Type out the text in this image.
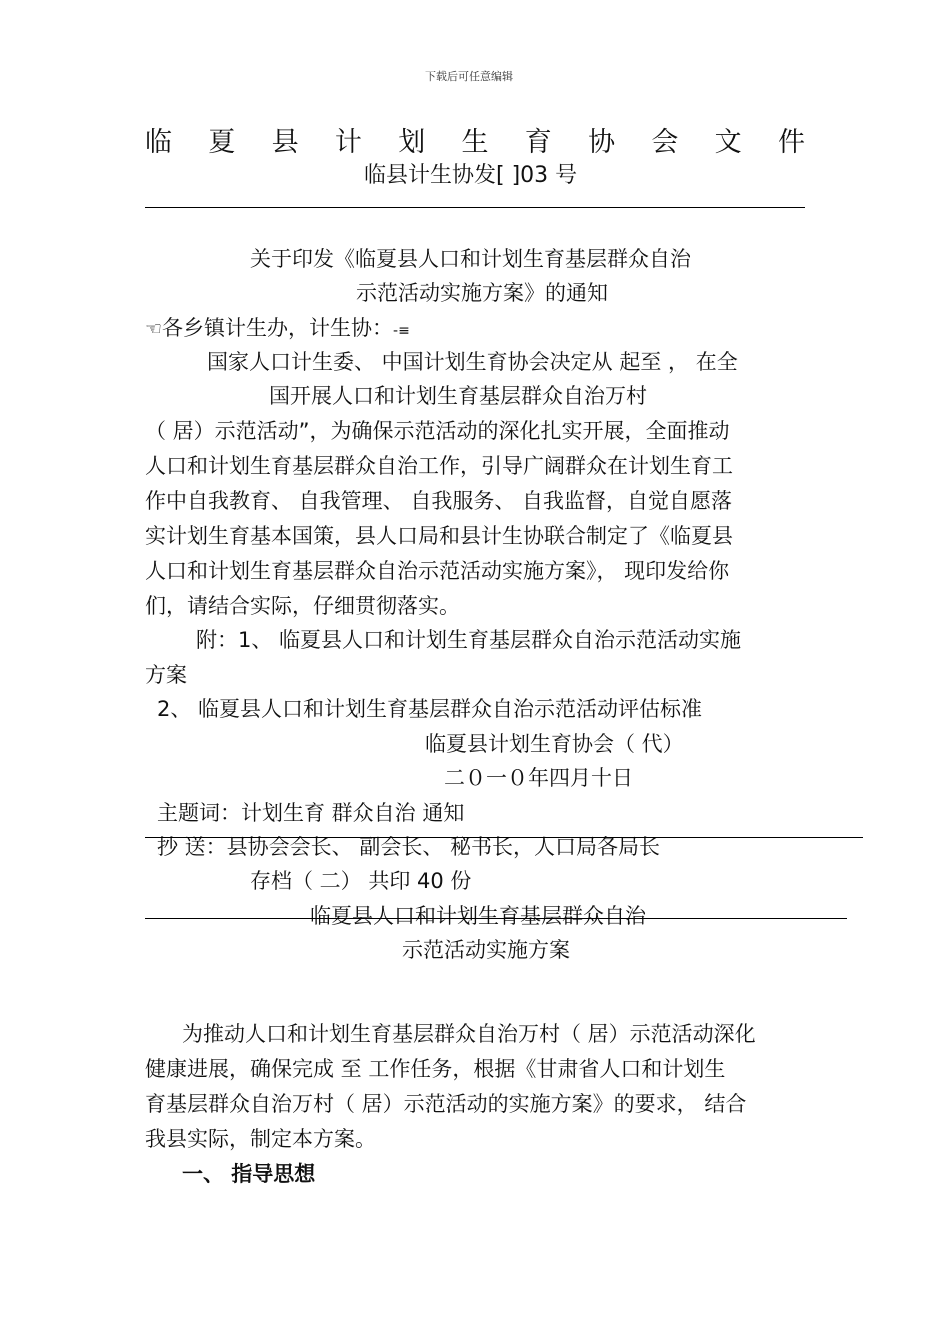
下载后可任意编辑
临 夏 县 计 划 生 育 协 会 文 件
临县计生协发[ ]03 号
关于印发《临夏县人口和计划生育基层群众自治
示范活动实施方案》的通知
☜各乡镇计生办，计生协：-≡
国家人口计生委、 中国计划生育协会决定从 起至 ， 在全
国开展人口和计划生育基层群众自治万村
（ 居）示范活动”，为确保示范活动的深化扎实开展，全面推动
人口和计划生育基层群众自治工作，引导广阔群众在计划生育工
作中自我教育、 自我管理、 自我服务、 自我监督，自觉自愿落
实计划生育基本国策，县人口局和县计生协联合制定了《临夏县
人口和计划生育基层群众自治示范活动实施方案》， 现印发给你
们，请结合实际，仔细贯彻落实。
附：1、 临夏县人口和计划生育基层群众自治示范活动实施
方案
2、 临夏县人口和计划生育基层群众自治示范活动评估标准
临夏县计划生育协会（ 代）
二０一０年四月十日
主题词：计划生育 群众自治 通知
抄 送：县协会会长、 副会长、 秘书长，人口局各局长
存档（ 二） 共印 40 份
临夏县人口和计划生育基层群众自治
示范活动实施方案
为推动人口和计划生育基层群众自治万村（ 居）示范活动深化
健康进展，确保完成 至 工作任务，根据《甘肃省人口和计划生
育基层群众自治万村（ 居）示范活动的实施方案》的要求， 结合
我县实际，制定本方案。
一、 指导思想
